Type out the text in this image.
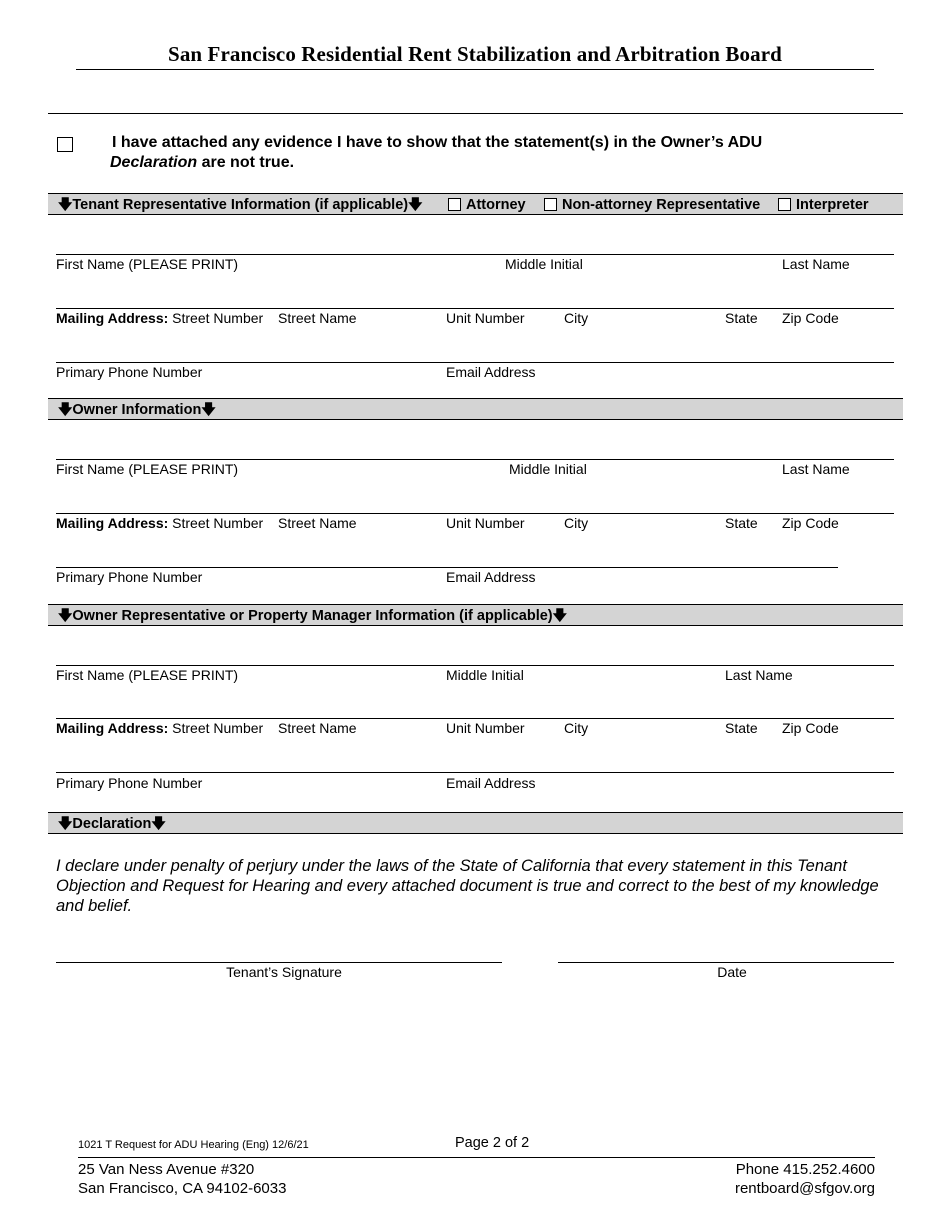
San Francisco Residential Rent Stabilization and Arbitration Board
I have attached any evidence I have to show that the statement(s) in the Owner’s ADU
Declaration are not true.
🡇Tenant Representative Information (if applicable)🡇	Attorney	Non-attorney Representative	Interpreter
First Name (PLEASE PRINT)	Middle Initial	Last Name
Mailing Address: Street Number Street Name	Unit Number	City	State Zip Code
Primary Phone Number	Email Address
🡇Owner Information🡇
First Name (PLEASE PRINT)	Middle Initial	Last Name
Mailing Address: Street Number Street Name	Unit Number	City	State Zip Code
Primary Phone Number	Email Address
🡇Owner Representative or Property Manager Information (if applicable)🡇
First Name (PLEASE PRINT)	Middle Initial	Last Name
Mailing Address: Street Number Street Name	Unit Number	City	State Zip Code
Primary Phone Number	Email Address
🡇Declaration🡇
I declare under penalty of perjury under the laws of the State of California that every statement in this Tenant Objection and Request for Hearing and every attached document is true and correct to the best of my knowledge and belief.
Tenant’s Signature	Date
1021 T Request for ADU Hearing (Eng) 12/6/21	Page 2 of 2
25 Van Ness Avenue #320
San Francisco, CA 94102-6033
Phone 415.252.4600
rentboard@sfgov.org
